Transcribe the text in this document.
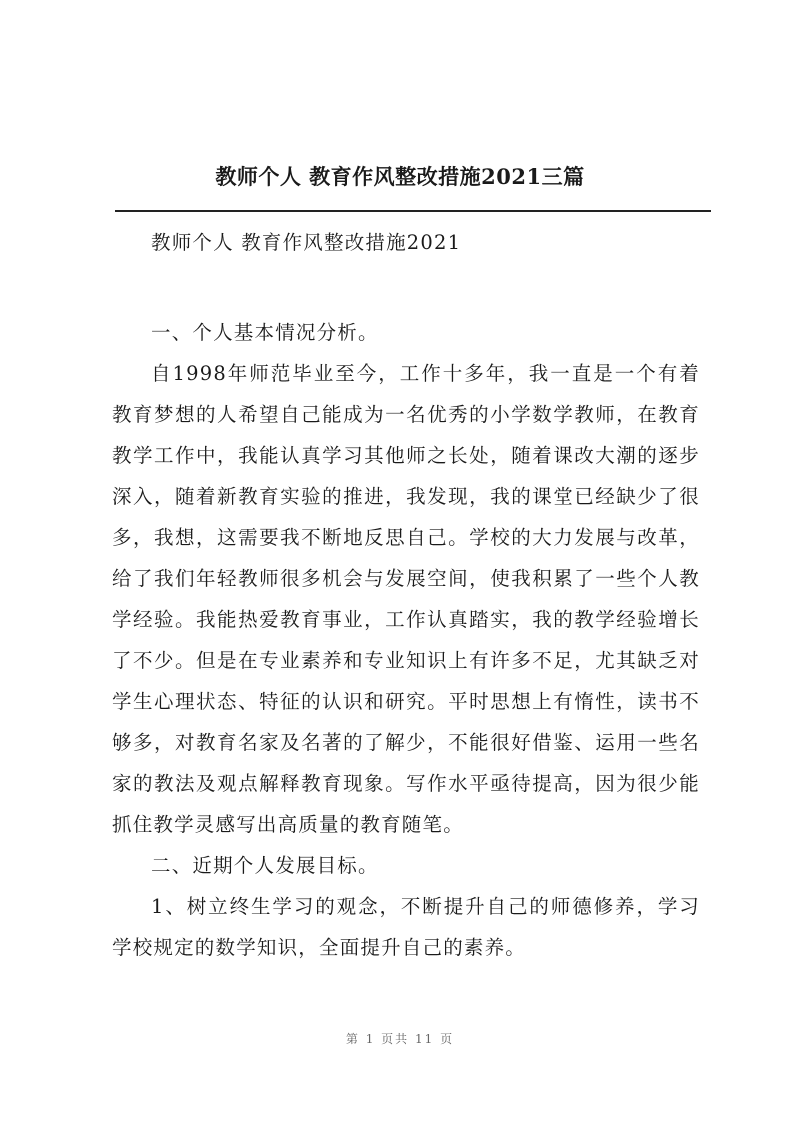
教师个人 教育作风整改措施2021三篇

教师个人 教育作风整改措施2021

一、个人基本情况分析。

自1998年师范毕业至今，工作十多年，我一直是一个有着教育梦想的人希望自己能成为一名优秀的小学数学教师，在教育教学工作中，我能认真学习其他师之长处，随着课改大潮的逐步深入，随着新教育实验的推进，我发现，我的课堂已经缺少了很多，我想，这需要我不断地反思自己。学校的大力发展与改革，给了我们年轻教师很多机会与发展空间，使我积累了一些个人教学经验。我能热爱教育事业，工作认真踏实，我的教学经验增长了不少。但是在专业素养和专业知识上有许多不足，尤其缺乏对学生心理状态、特征的认识和研究。平时思想上有惰性，读书不够多，对教育名家及名著的了解少，不能很好借鉴、运用一些名家的教法及观点解释教育现象。写作水平亟待提高，因为很少能抓住教学灵感写出高质量的教育随笔。

二、近期个人发展目标。

1、树立终生学习的观念，不断提升自己的师德修养，学习学校规定的数学知识，全面提升自己的素养。

第 1 页共 11 页
